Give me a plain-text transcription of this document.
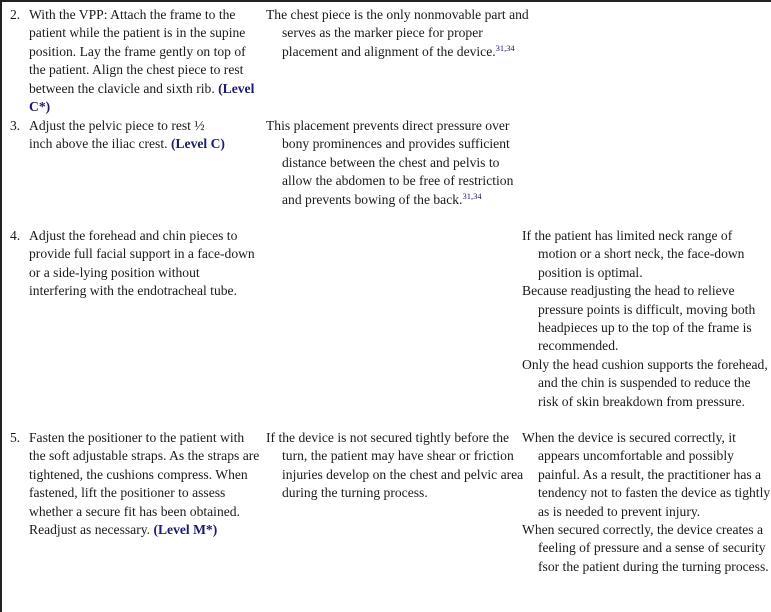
2. With the VPP: Attach the frame to the patient while the patient is in the supine position. Lay the frame gently on top of the patient. Align the chest piece to rest between the clavicle and sixth rib. (Level C*)
The chest piece is the only nonmovable part and serves as the marker piece for proper placement and alignment of the device.$^{31,34}$
3. Adjust the pelvic piece to rest ½ inch above the iliac crest. (Level C)
This placement prevents direct pressure over bony prominences and provides sufficient distance between the chest and pelvis to allow the abdomen to be free of restriction and prevents bowing of the back.$^{31,34}$
4. Adjust the forehead and chin pieces to provide full facial support in a face-down or a side-lying position without interfering with the endotracheal tube.
If the patient has limited neck range of motion or a short neck, the face-down position is optimal.
Because readjusting the head to relieve pressure points is difficult, moving both headpieces up to the top of the frame is recommended.
Only the head cushion supports the forehead, and the chin is suspended to reduce the risk of skin breakdown from pressure.
5. Fasten the positioner to the patient with the soft adjustable straps. As the straps are tightened, the cushions compress. When fastened, lift the positioner to assess whether a secure fit has been obtained. Readjust as necessary. (Level M*)
If the device is not secured tightly before the turn, the patient may have shear or friction injuries develop on the chest and pelvic area during the turning process.
When the device is secured correctly, it appears uncomfortable and possibly painful. As a result, the practitioner has a tendency not to fasten the device as tightly as is needed to prevent injury.
When secured correctly, the device creates a feeling of pressure and a sense of security fsor the patient during the turning process.
